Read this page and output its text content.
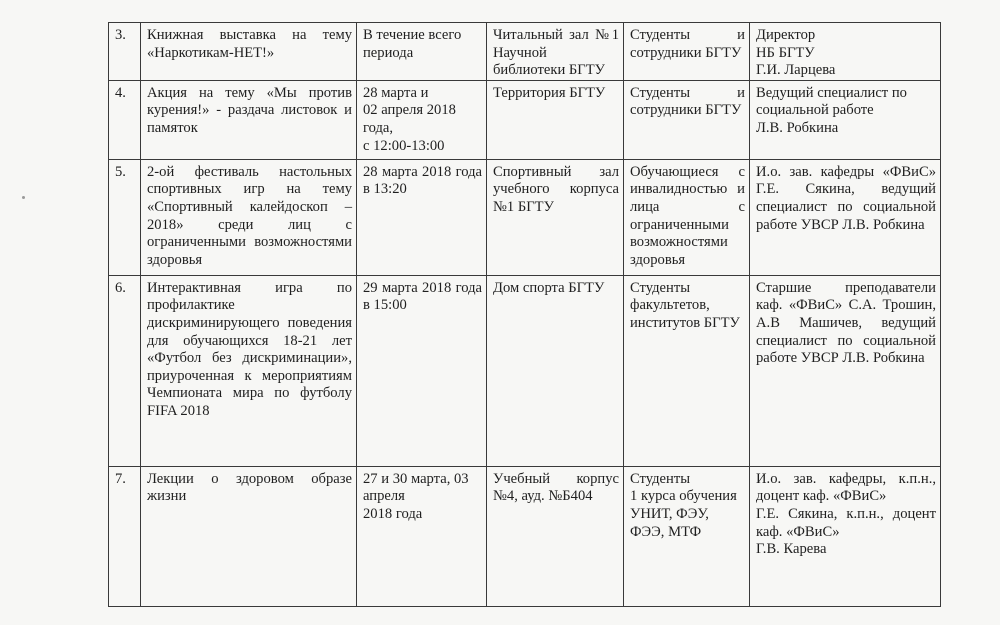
3.	Книжная выставка на тему «Наркотикам-НЕТ!»	В течение всего периода	Читальный зал №1 Научной библиотеки БГТУ	Студенты и сотрудники БГТУ	Директор
НБ БГТУ
Г.И. Ларцева
4.	Акция на тему «Мы против курения!» - раздача листовок и памяток	28 марта и
02 апреля 2018 года,
с 12:00-13:00	Территория БГТУ	Студенты и сотрудники БГТУ	Ведущий специалист по социальной работе
Л.В. Робкина
5.	2-ой фестиваль настольных спортивных игр на тему «Спортивный калейдоскоп – 2018» среди лиц с ограниченными возможностями здоровья	28 марта 2018 года в 13:20	Спортивный зал учебного корпуса №1 БГТУ	Обучающиеся с инвалидностью и лица с ограниченными возможностями здоровья	И.о. зав. кафедры «ФВиС» Г.Е. Сякина, ведущий специалист по социальной работе УВСР Л.В. Робкина
6.	Интерактивная игра по профилактике дискриминирующего поведения для обучающихся 18-21 лет «Футбол без дискриминации», приуроченная к мероприятиям Чемпионата мира по футболу FIFA 2018	29 марта 2018 года в 15:00	Дом спорта БГТУ	Студенты факультетов, институтов БГТУ	Старшие преподаватели каф. «ФВиС» С.А. Трошин, А.В Машичев, ведущий специалист по социальной работе УВСР Л.В. Робкина
7.	Лекции о здоровом образе жизни	27 и 30 марта, 03 апреля
2018 года	Учебный корпус №4, ауд. №Б404	Студенты
1 курса обучения
УНИТ, ФЭУ, ФЭЭ, МТФ	И.о. зав. кафедры, к.п.н., доцент каф. «ФВиС»
Г.Е. Сякина, к.п.н., доцент каф. «ФВиС»
Г.В. Карева
